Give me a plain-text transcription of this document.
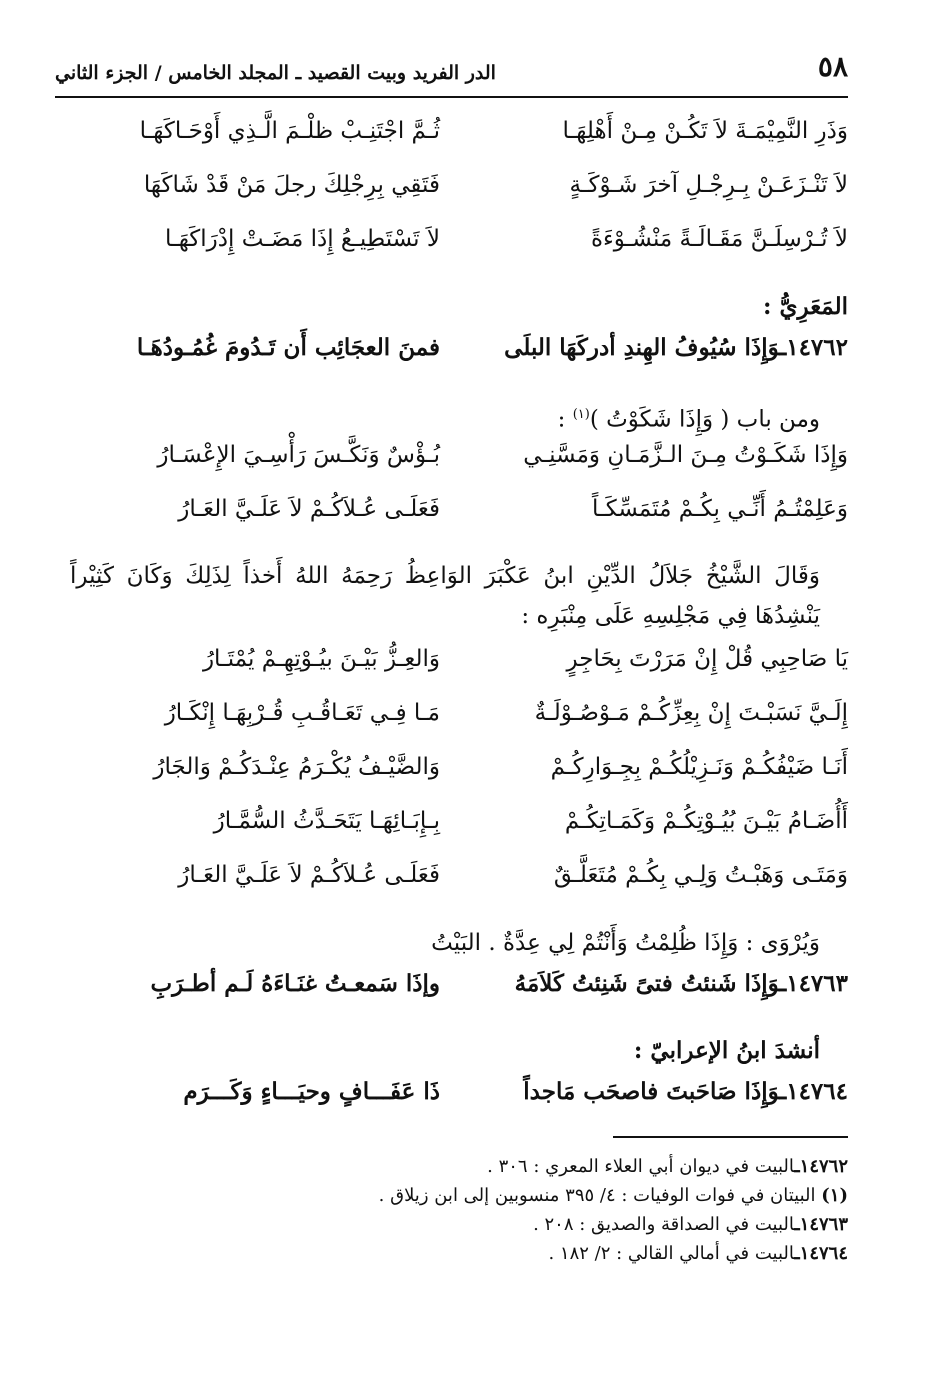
٥٨
الدر الفريد وبيت القصيد ـ المجلد الخامس / الجزء الثاني
وَذَرِ النَّمِيْمَـةَ لاَ تَكُـنْ مِـنْ أَهْلِهَـا
ثُـمَّ اجْتَنِـبْ ظلْـمَ الَّـذِي أَوْحَـاكَهَـا
لاَ تَنْـزَعَـنْ بِـرِجْـلِ آخرَ شَـوْكَـةٍ
فَتَقِي بِرِجْلِكَ رجلَ مَنْ قَدْ شَاكَهَا
لاَ تُـرْسِلَـنَّ مَقَـالَـةً مَنْشُـوْءَةً
لاَ تَسْتَطِيـعُ إِذَا مَضَـتْ إِدْرَاكَهَـا
المَعَرِيُّ :
١٤٧٦٢ـوَإِذَا سُيُوفُ الهِندِ أدركَهَا البلَى
فمنَ العجَائِب أَن تَـدُومَ غُمُـودُهَـا
ومن باب ( وَإِذَا شَكَوْتُ )$^{(١)}$ :
وَإِذَا شَكَـوْتُ مِـنَ الـزَّمَـانِ وَمَسَّنِـي
بُـؤْسٌ وَنَكَّـسَ رَأْسِـيَ الإِعْسَـارُ
وَعَلِمْتُـمُ أَنِّـي بِكُـمْ مُتَمَسِّكَـاً
فَعَلَـى عُـلاَكُـمْ لاَ عَلَـيَّ العَـارُ
وَقَالَ الشَّيْخُ جَلاَلُ الدِّيْنِ ابنُ عَكْبَرَ الوَاعِظُ رَحِمَهُ اللهُ أَخذاً لِذَلِكَ وَكَانَ كَثِيْراً يَنْشِدُهَا فِي مَجْلِسِهِ عَلَى مِنْبَرِه :
يَا صَاحِبِي قُلْ إِنْ مَرَرْتَ بِحَاجِرٍ
وَالعِـزُّ بَيْـنَ بيُـوْتِهِـمْ يُمْتَـارُ
إِلَـيَّ نَسَبْـتَ إِنْ بِعِزِّكُـمْ مَـوْصُـوْلَـةٌ
مَـا فِـي تَعَـاقُـبِ قُـرْبِهَـا إِنْكَـارُ
أَنَـا ضَيْفُكُـمْ وَنَـزِيْلُكُـمْ بِجِـوَارِكُـمْ
وَالضَّيْـفُ يُكْـرَمُ عِنْـدَكُـمْ وَالجَارُ
أَأُضَـامُ بَيْـنَ بُيُـوْتِكُـمْ وَكَمَـاتِكُـمْ
بِـإِبَـائِهَـا يَتَحَـدَّثُ السُّمَّـارُ
وَمَتَـى وَهَبْـتُ وَلِـي بِكُـمْ مُتَعَلَّـقٌ
فَعَلَـى عُـلاَكُـمْ لاَ عَلَـيَّ العَـارُ
وَيُرْوَى : وَإِذَا ظُلِمْتُ وَأَنْتُمْ لِي عِدَّةٌ . البَيْتُ
١٤٧٦٣ـوَإِذَا شَنئتُ فتىً شَنِئتُ كَلاَمَهُ
وإذَا سَمعـتُ غنَـاءَهُ لَـم أطـرَبِ
أنشدَ ابنُ الإعرابيّ :
١٤٧٦٤ـوَإِذَا صَاحَبتَ فاصحَب مَاجداً
ذَا عَفَـــافٍ وحيَـــاءٍ وَكَـــرَم
١٤٧٦٢ـالبيت في ديوان أبي العلاء المعري : ٣٠٦ .
(١) البيتان في فوات الوفيات : ٤/ ٣٩٥ منسوبين إلى ابن زيلاق .
١٤٧٦٣ـالبيت في الصداقة والصديق : ٢٠٨ .
١٤٧٦٤ـالبيت في أمالي القالي : ٢/ ١٨٢ .
